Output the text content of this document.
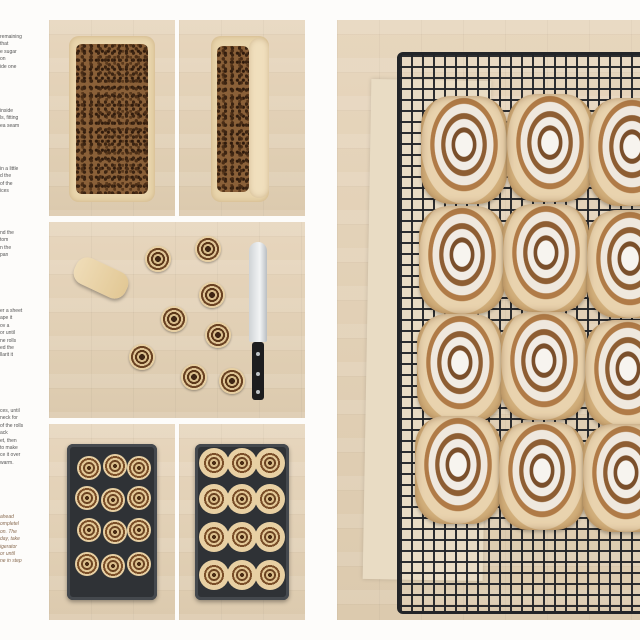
remaining
that
e sugar
on
ide one
inside
ls, fitting
ea seam
in a little
d the
of the
ices
nd the
tom
n the
pan
er a sheet
ape it
ov a
or until
ne rolls
ed the
llarit it
ces, until
neck for
of the rolls
ack
et, then
to make
ce it over
warm.
ahead
ompletel
on. The
day, take
igerator
or until
ne in step
